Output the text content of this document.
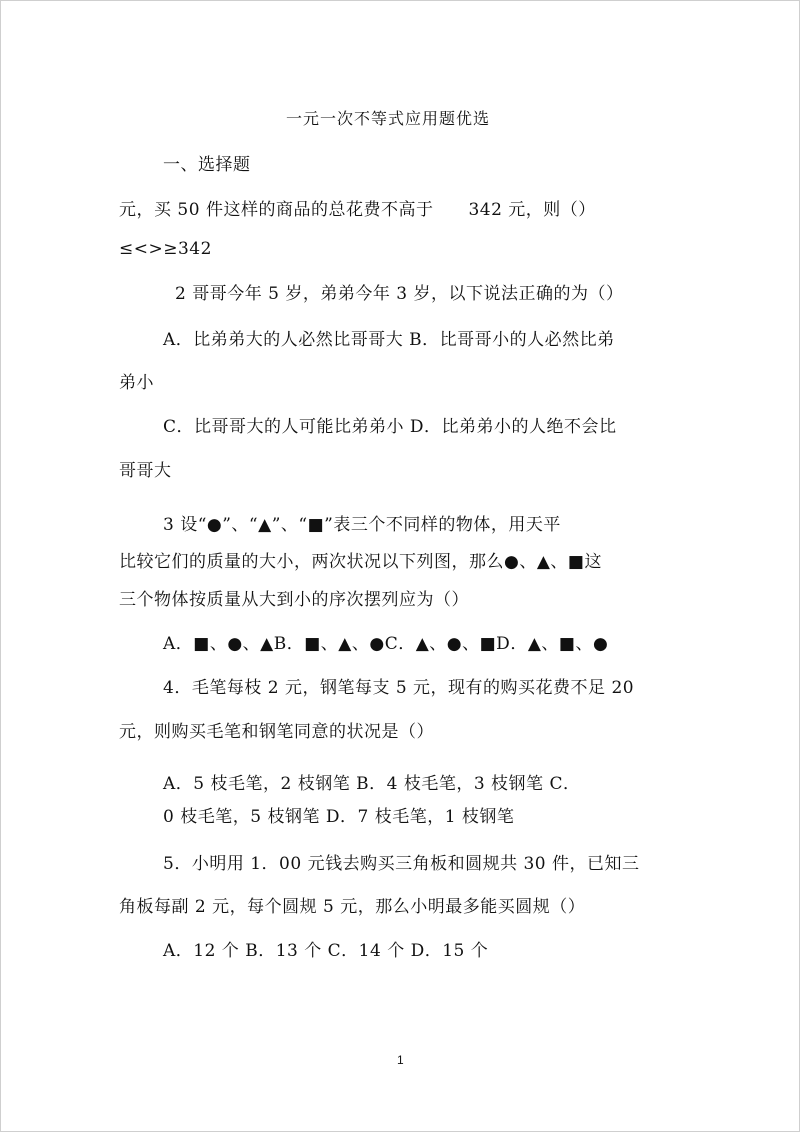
一元一次不等式应用题优选
一、选择题
元，买 50 件这样的商品的总花费不高于　　342 元，则（）
≤<>≥342
2 哥哥今年 5 岁，弟弟今年 3 岁，以下说法正确的为（）
A．比弟弟大的人必然比哥哥大 B．比哥哥小的人必然比弟
弟小
C．比哥哥大的人可能比弟弟小 D．比弟弟小的人绝不会比
哥哥大
3 设“●”、“▲”、“■”表三个不同样的物体，用天平
比较它们的质量的大小，两次状况以下列图，那么●、▲、■这
三个物体按质量从大到小的序次摆列应为（）
A．■、●、▲B．■、▲、●C．▲、●、■D．▲、■、●
4．毛笔每枝 2 元，钢笔每支 5 元，现有的购买花费不足 20
元，则购买毛笔和钢笔同意的状况是（）
A．5 枝毛笔，2 枝钢笔 B．4 枝毛笔，3 枝钢笔 C．
0 枝毛笔，5 枝钢笔 D．7 枝毛笔，1 枝钢笔
5．小明用 1．00 元钱去购买三角板和圆规共 30 件，已知三
角板每副 2 元，每个圆规 5 元，那么小明最多能买圆规（）
A．12 个 B．13 个 C．14 个 D．15 个
1
